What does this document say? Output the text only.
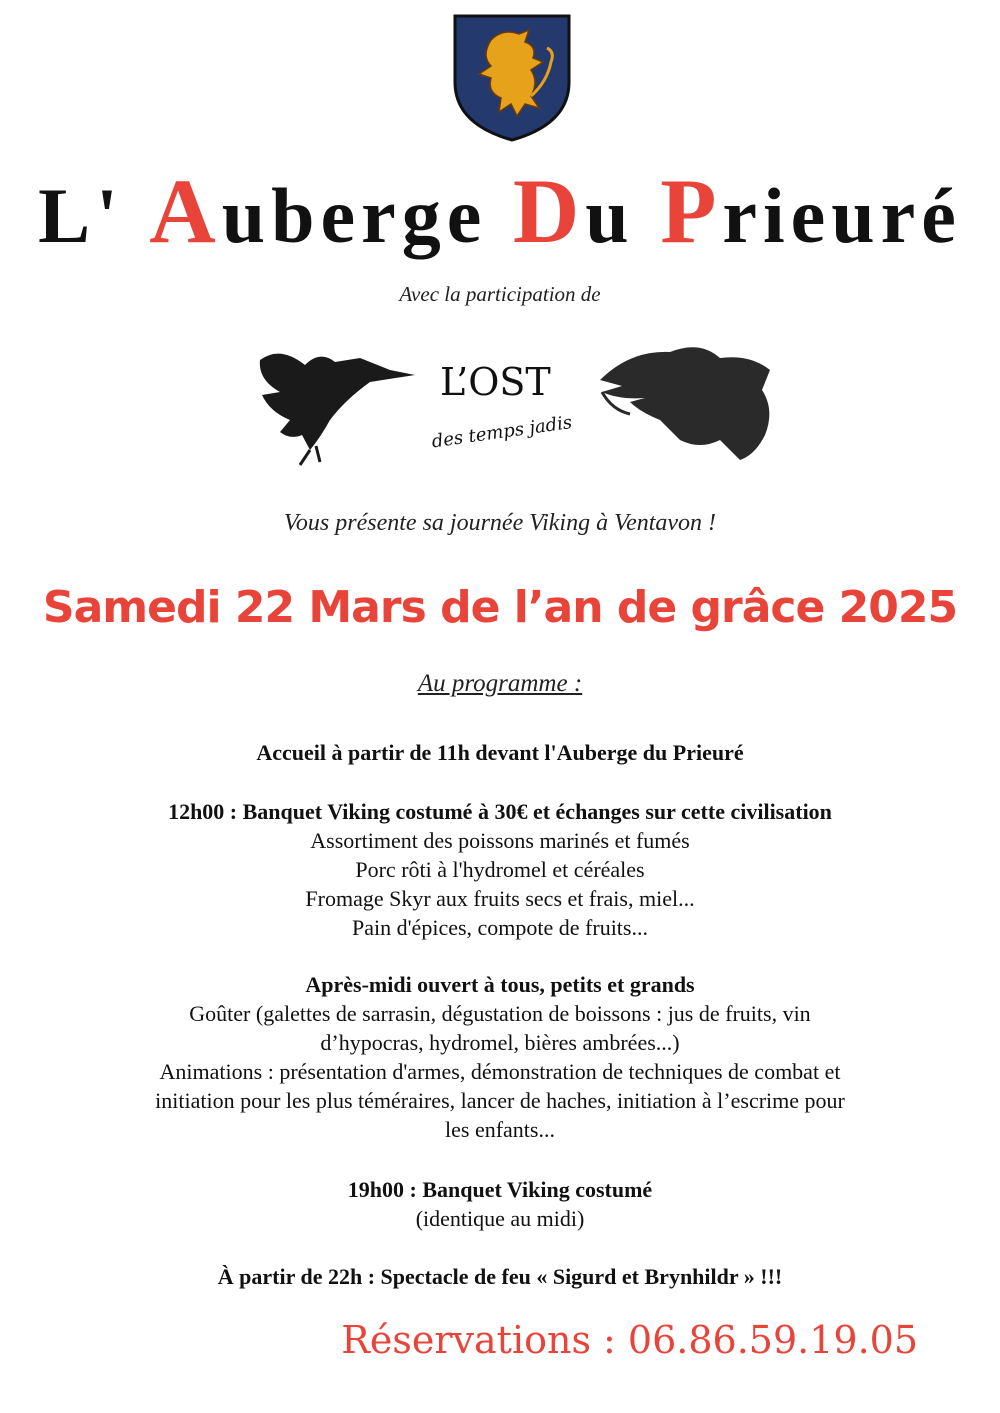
L' Auberge Du Prieuré
Avec la participation de
L’OST
des temps jadis
Vous présente sa journée Viking à Ventavon !
Samedi 22 Mars de l’an de grâce 2025
Au programme :
Accueil à partir de 11h devant l'Auberge du Prieuré
12h00 : Banquet Viking costumé à 30€ et échanges sur cette civilisation
Assortiment des poissons marinés et fumés
Porc rôti à l'hydromel et céréales
Fromage Skyr aux fruits secs et frais, miel...
Pain d'épices, compote de fruits...
Après-midi ouvert à tous, petits et grands
Goûter (galettes de sarrasin, dégustation de boissons : jus de fruits, vin
d’hypocras, hydromel, bières ambrées...)
Animations : présentation d'armes, démonstration de techniques de combat et
initiation pour les plus téméraires, lancer de haches, initiation à l’escrime pour
les enfants...
19h00 : Banquet Viking costumé
(identique au midi)
À partir de 22h : Spectacle de feu « Sigurd et Brynhildr » !!!
Réservations : 06.86.59.19.05
